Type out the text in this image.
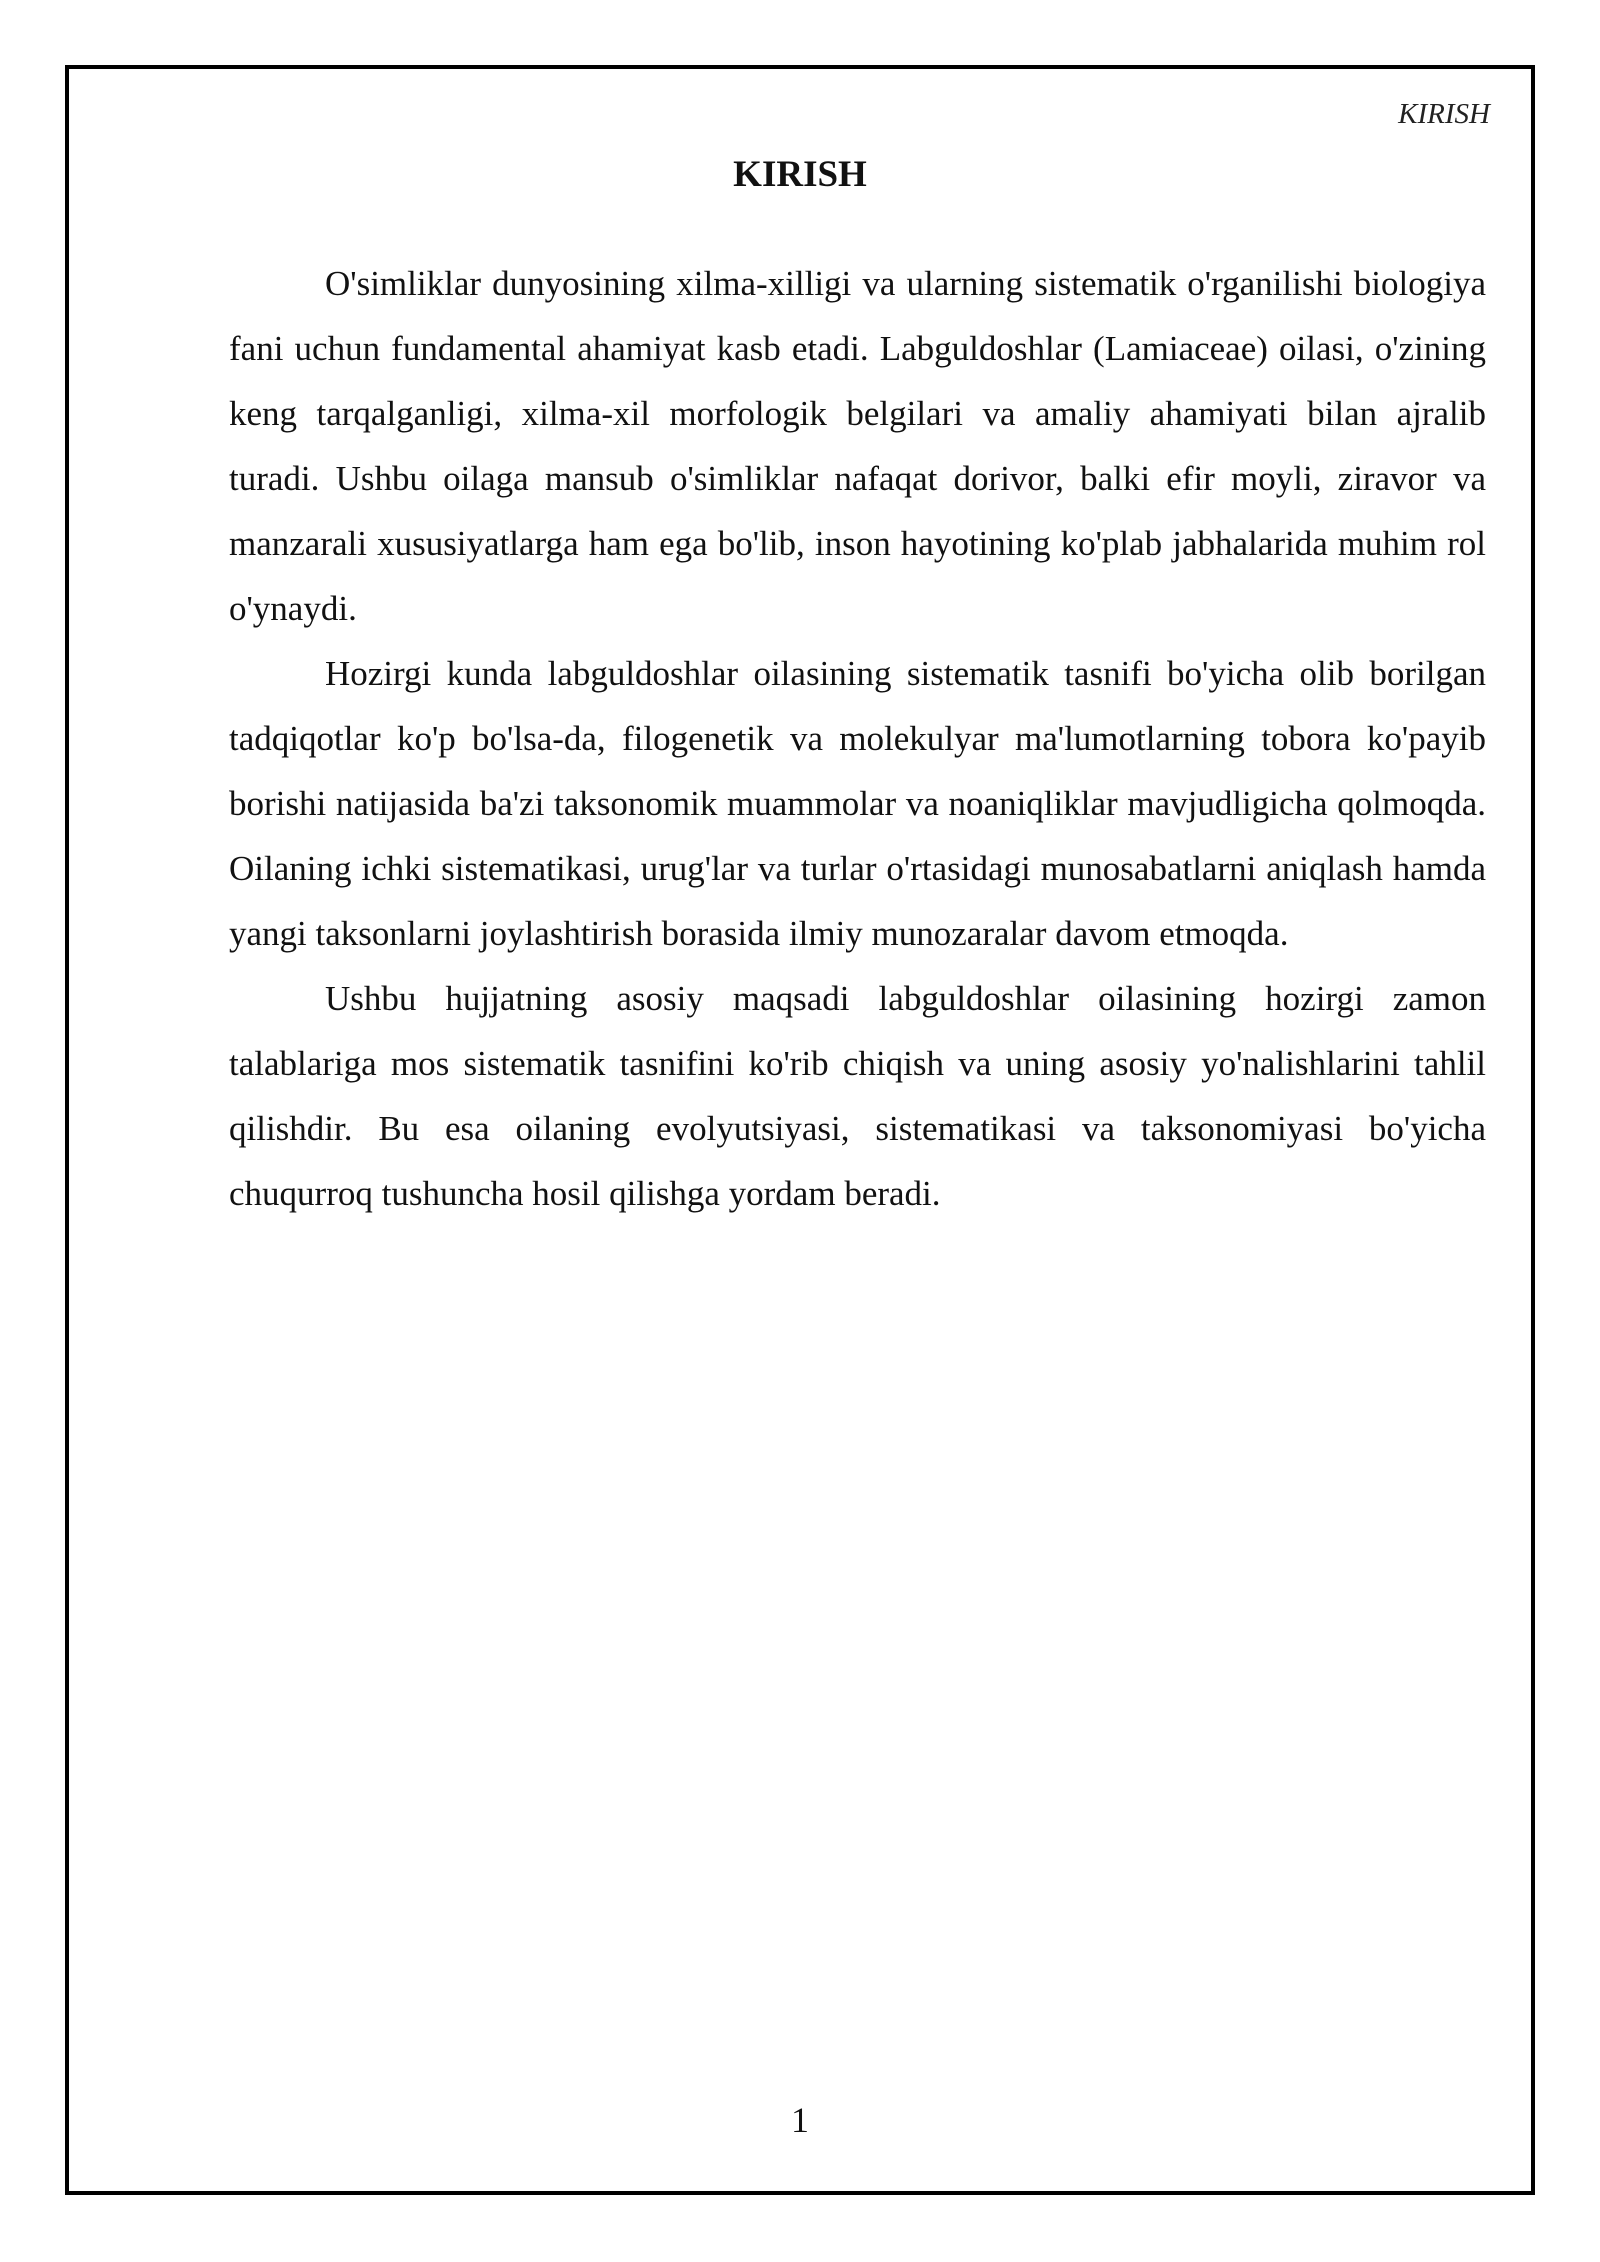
KIRISH
KIRISH

O'simliklar dunyosining xilma-xilligi va ularning sistematik o'rganilishi biologiya fani uchun fundamental ahamiyat kasb etadi. Labguldoshlar (Lamiaceae) oilasi, o'zining keng tarqalganligi, xilma-xil morfologik belgilari va amaliy ahamiyati bilan ajralib turadi. Ushbu oilaga mansub o'simliklar nafaqat dorivor, balki efir moyli, ziravor va manzarali xususiyatlarga ham ega bo'lib, inson hayotining ko'plab jabhalarida muhim rol o'ynaydi.

Hozirgi kunda labguldoshlar oilasining sistematik tasnifi bo'yicha olib borilgan tadqiqotlar ko'p bo'lsa-da, filogenetik va molekulyar ma'lumotlarning tobora ko'payib borishi natijasida ba'zi taksonomik muammolar va noaniqliklar mavjudligicha qolmoqda. Oilaning ichki sistematikasi, urug'lar va turlar o'rtasidagi munosabatlarni aniqlash hamda yangi taksonlarni joylashtirish borasida ilmiy munozaralar davom etmoqda.

Ushbu hujjatning asosiy maqsadi labguldoshlar oilasining hozirgi zamon talablariga mos sistematik tasnifini ko'rib chiqish va uning asosiy yo'nalishlarini tahlil qilishdir. Bu esa oilaning evolyutsiyasi, sistematikasi va taksonomiyasi bo'yicha chuqurroq tushuncha hosil qilishga yordam beradi.

1
